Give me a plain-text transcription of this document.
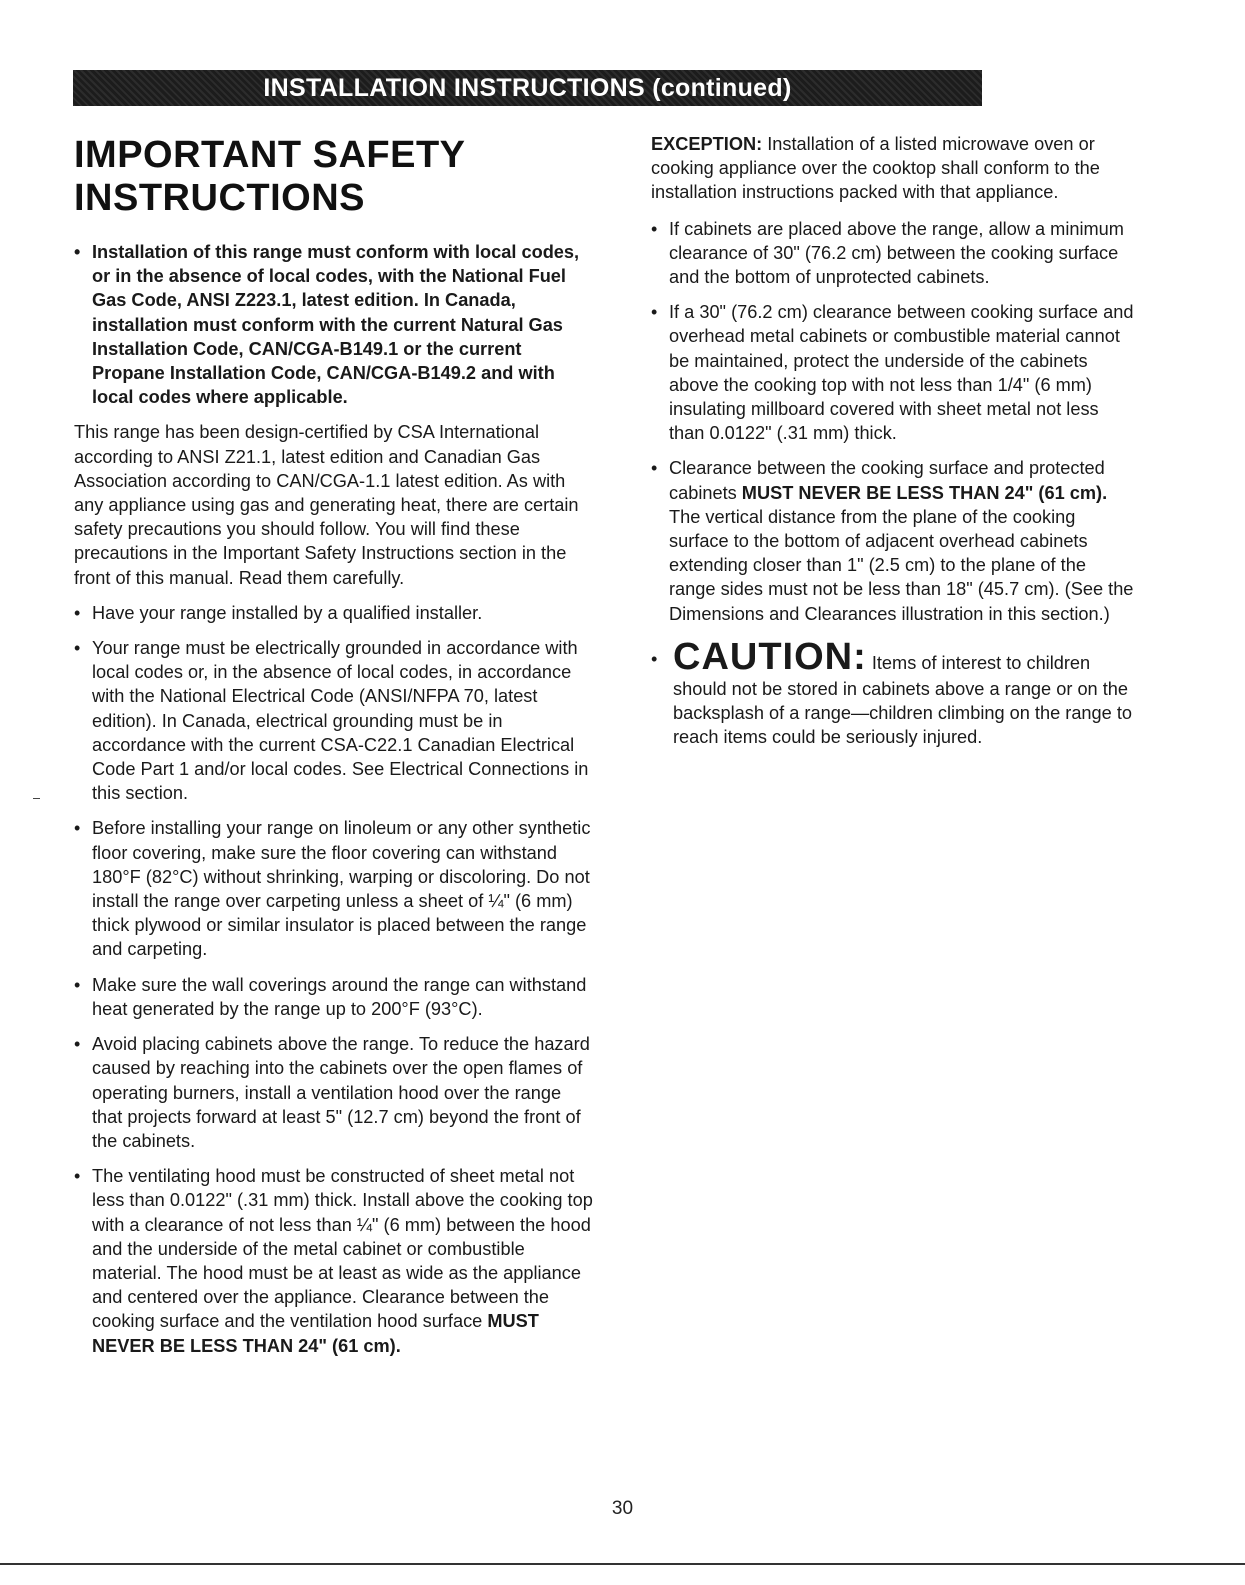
INSTALLATION INSTRUCTIONS (continued)
IMPORTANT SAFETY
INSTRUCTIONS
• Installation of this range must conform with local codes, or in the absence of local codes, with the National Fuel Gas Code, ANSI Z223.1, latest edition. In Canada, installation must conform with the current Natural Gas Installation Code, CAN/CGA-B149.1 or the current Propane Installation Code, CAN/CGA-B149.2 and with local codes where applicable.

This range has been design-certified by CSA International according to ANSI Z21.1, latest edition and Canadian Gas Association according to CAN/CGA-1.1 latest edition. As with any appliance using gas and generating heat, there are certain safety precautions you should follow. You will find these precautions in the Important Safety Instructions section in the front of this manual. Read them carefully.

• Have your range installed by a qualified installer.
• Your range must be electrically grounded in accordance with local codes or, in the absence of local codes, in accordance with the National Electrical Code (ANSI/NFPA 70, latest edition). In Canada, electrical grounding must be in accordance with the current CSA-C22.1 Canadian Electrical Code Part 1 and/or local codes. See Electrical Connections in this section.
• Before installing your range on linoleum or any other synthetic floor covering, make sure the floor covering can withstand 180°F (82°C) without shrinking, warping or discoloring. Do not install the range over carpeting unless a sheet of ¼" (6 mm) thick plywood or similar insulator is placed between the range and carpeting.
• Make sure the wall coverings around the range can withstand heat generated by the range up to 200°F (93°C).
• Avoid placing cabinets above the range. To reduce the hazard caused by reaching into the cabinets over the open flames of operating burners, install a ventilation hood over the range that projects forward at least 5" (12.7 cm) beyond the front of the cabinets.
• The ventilating hood must be constructed of sheet metal not less than 0.0122" (.31 mm) thick. Install above the cooking top with a clearance of not less than ¼" (6 mm) between the hood and the underside of the metal cabinet or combustible material. The hood must be at least as wide as the appliance and centered over the appliance. Clearance between the cooking surface and the ventilation hood surface MUST NEVER BE LESS THAN 24" (61 cm).

EXCEPTION: Installation of a listed microwave oven or cooking appliance over the cooktop shall conform to the installation instructions packed with that appliance.

• If cabinets are placed above the range, allow a minimum clearance of 30" (76.2 cm) between the cooking surface and the bottom of unprotected cabinets.
• If a 30" (76.2 cm) clearance between cooking surface and overhead metal cabinets or combustible material cannot be maintained, protect the underside of the cabinets above the cooking top with not less than 1/4" (6 mm) insulating millboard covered with sheet metal not less than 0.0122" (.31 mm) thick.
• Clearance between the cooking surface and protected cabinets MUST NEVER BE LESS THAN 24" (61 cm). The vertical distance from the plane of the cooking surface to the bottom of adjacent overhead cabinets extending closer than 1" (2.5 cm) to the plane of the range sides must not be less than 18" (45.7 cm). (See the Dimensions and Clearances illustration in this section.)
• CAUTION: Items of interest to children should not be stored in cabinets above a range or on the backsplash of a range—children climbing on the range to reach items could be seriously injured.
30
